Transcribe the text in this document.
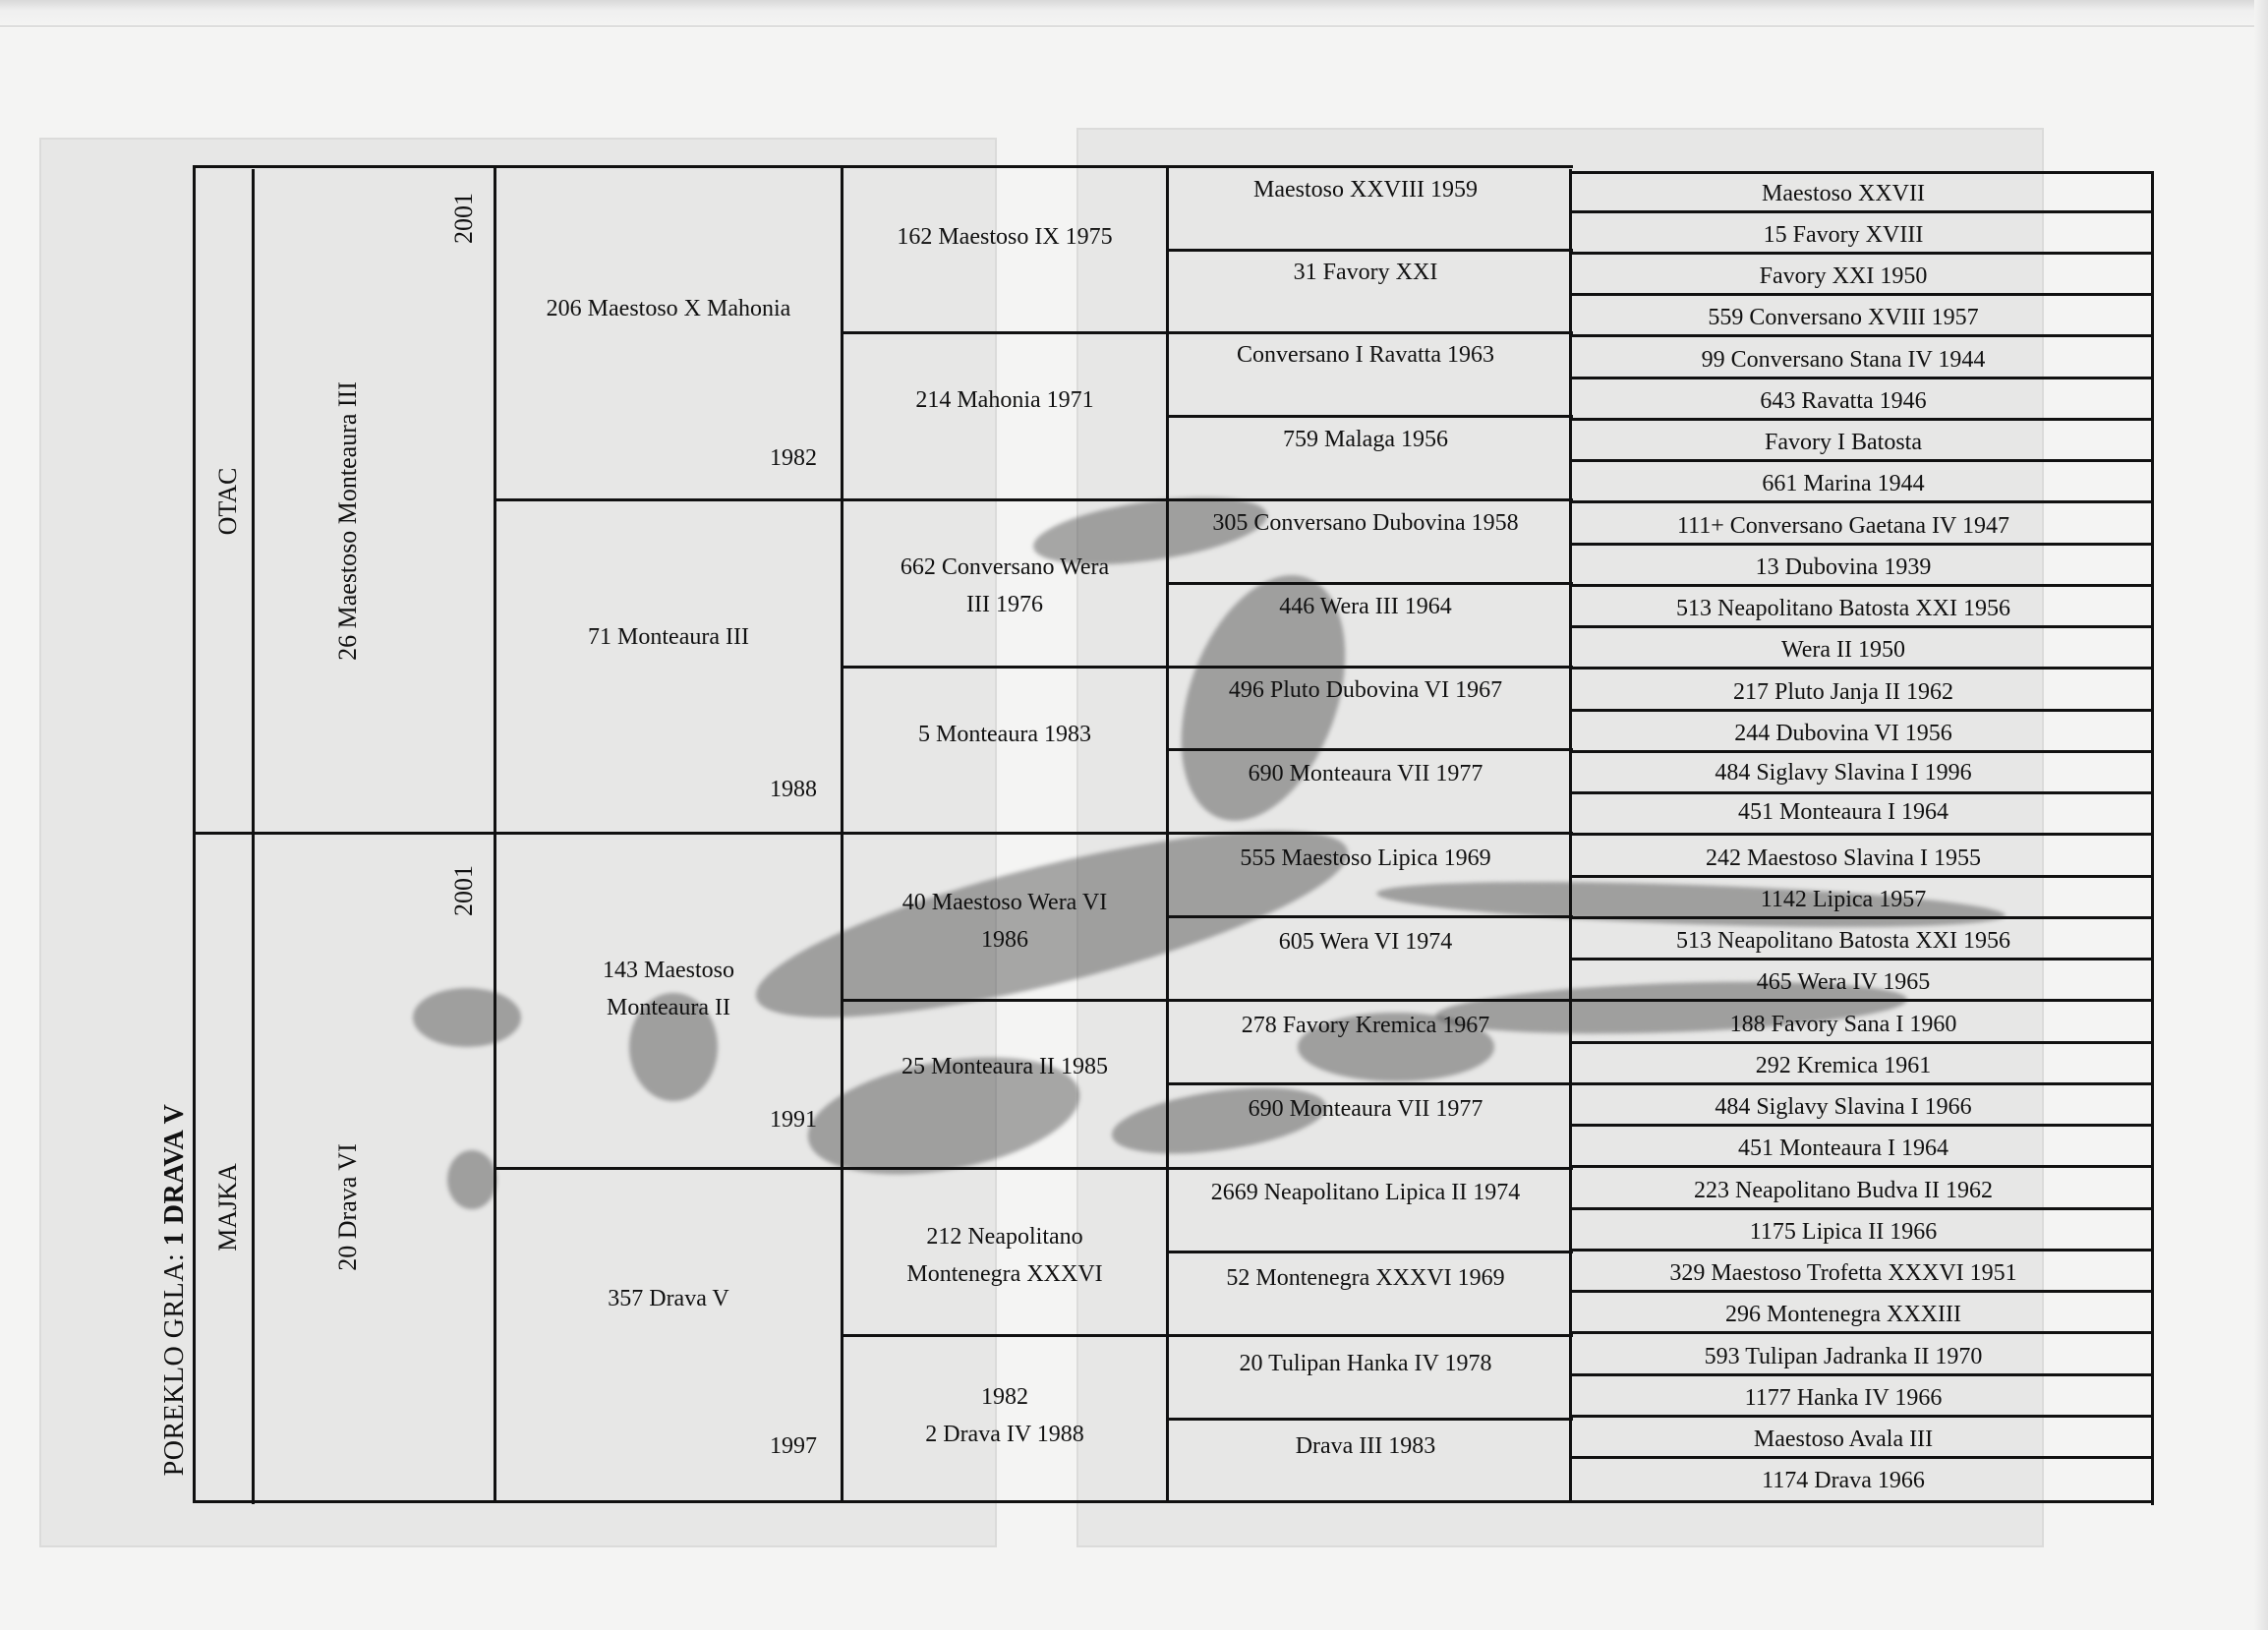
POREKLO GRLA: 1 DRAVA V
OTAC
MAJKA
26 Maestoso Monteaura III
2001
20 Drava VI
2001
206 Maestoso X Mahonia
1982
71 Monteaura III
1988
143 Maestoso Monteaura II
1991
357 Drava V
1997
162 Maestoso IX 1975
214 Mahonia 1971
662 Conversano Wera III 1976
5 Monteaura 1983
40 Maestoso Wera VI 1986
25 Monteaura II 1985
212 Neapolitano Montenegra XXXVI
1982
2 Drava IV 1988
Maestoso XXVIII 1959
31 Favory XXI
Conversano I Ravatta 1963
759 Malaga 1956
305 Conversano Dubovina 1958
446 Wera III 1964
496 Pluto Dubovina VI 1967
690 Monteaura VII 1977
555 Maestoso Lipica 1969
605 Wera VI 1974
278 Favory Kremica 1967
690 Monteaura VII 1977
2669 Neapolitano Lipica II 1974
52 Montenegra XXXVI 1969
20 Tulipan Hanka IV 1978
Drava III 1983
Maestoso XXVII
15 Favory XVIII
Favory XXI 1950
559 Conversano XVIII 1957
99 Conversano Stana IV 1944
643 Ravatta 1946
Favory I Batosta
661 Marina 1944
111+ Conversano Gaetana IV 1947
13 Dubovina 1939
513 Neapolitano Batosta XXI 1956
Wera II 1950
217 Pluto Janja II 1962
244 Dubovina VI 1956
484 Siglavy Slavina I 1996
451 Monteaura I 1964
242 Maestoso Slavina I 1955
1142 Lipica 1957
513 Neapolitano Batosta XXI 1956
465 Wera IV 1965
188 Favory Sana I 1960
292 Kremica 1961
484 Siglavy Slavina I 1966
451 Monteaura I 1964
223 Neapolitano Budva II 1962
1175 Lipica II 1966
329 Maestoso Trofetta XXXVI 1951
296 Montenegra XXXIII
593 Tulipan Jadranka II 1970
1177 Hanka IV 1966
Maestoso Avala III
1174 Drava 1966
